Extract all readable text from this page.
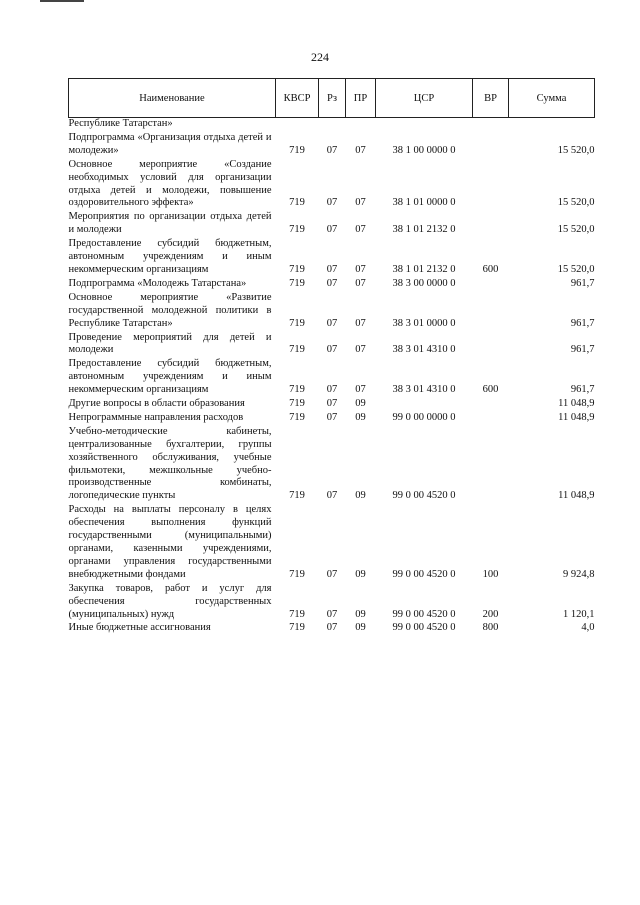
224
Наименование	КВСР	Рз	ПР	ЦСР	ВР	Сумма
Республике Татарстан»						
Подпрограмма «Организация отдыха детей и молодежи»	719	07	07	38 1 00 0000 0		15 520,0
Основное мероприятие «Создание необходимых условий для организации отдыха детей и молодежи, повышение оздоровительного эффекта»	719	07	07	38 1 01 0000 0		15 520,0
Мероприятия по организации отдыха детей и молодежи	719	07	07	38 1 01 2132 0		15 520,0
Предоставление субсидий бюджетным, автономным учреждениям и иным некоммерческим организациям	719	07	07	38 1 01 2132 0	600	15 520,0
Подпрограмма «Молодежь Татарстана»	719	07	07	38 3 00 0000 0		961,7
Основное мероприятие «Развитие государственной молодежной политики в Республике Татарстан»	719	07	07	38 3 01 0000 0		961,7
Проведение мероприятий для детей и молодежи	719	07	07	38 3 01 4310 0		961,7
Предоставление субсидий бюджетным, автономным учреждениям и иным некоммерческим организациям	719	07	07	38 3 01 4310 0	600	961,7
Другие вопросы в области образования	719	07	09			11 048,9
Непрограммные направления расходов	719	07	09	99 0 00 0000 0		11 048,9
Учебно-методические кабинеты, централизованные бухгалтерии, группы хозяйственного обслуживания, учебные фильмотеки, межшкольные учебно-производственные комбинаты, логопедические пункты	719	07	09	99 0 00 4520 0		11 048,9
Расходы на выплаты персоналу в целях обеспечения выполнения функций государственными (муниципальными) органами, казенными учреждениями, органами управления государственными внебюджетными фондами	719	07	09	99 0 00 4520 0	100	9 924,8
Закупка товаров, работ и услуг для обеспечения государственных (муниципальных) нужд	719	07	09	99 0 00 4520 0	200	1 120,1
Иные бюджетные ассигнования	719	07	09	99 0 00 4520 0	800	4,0
